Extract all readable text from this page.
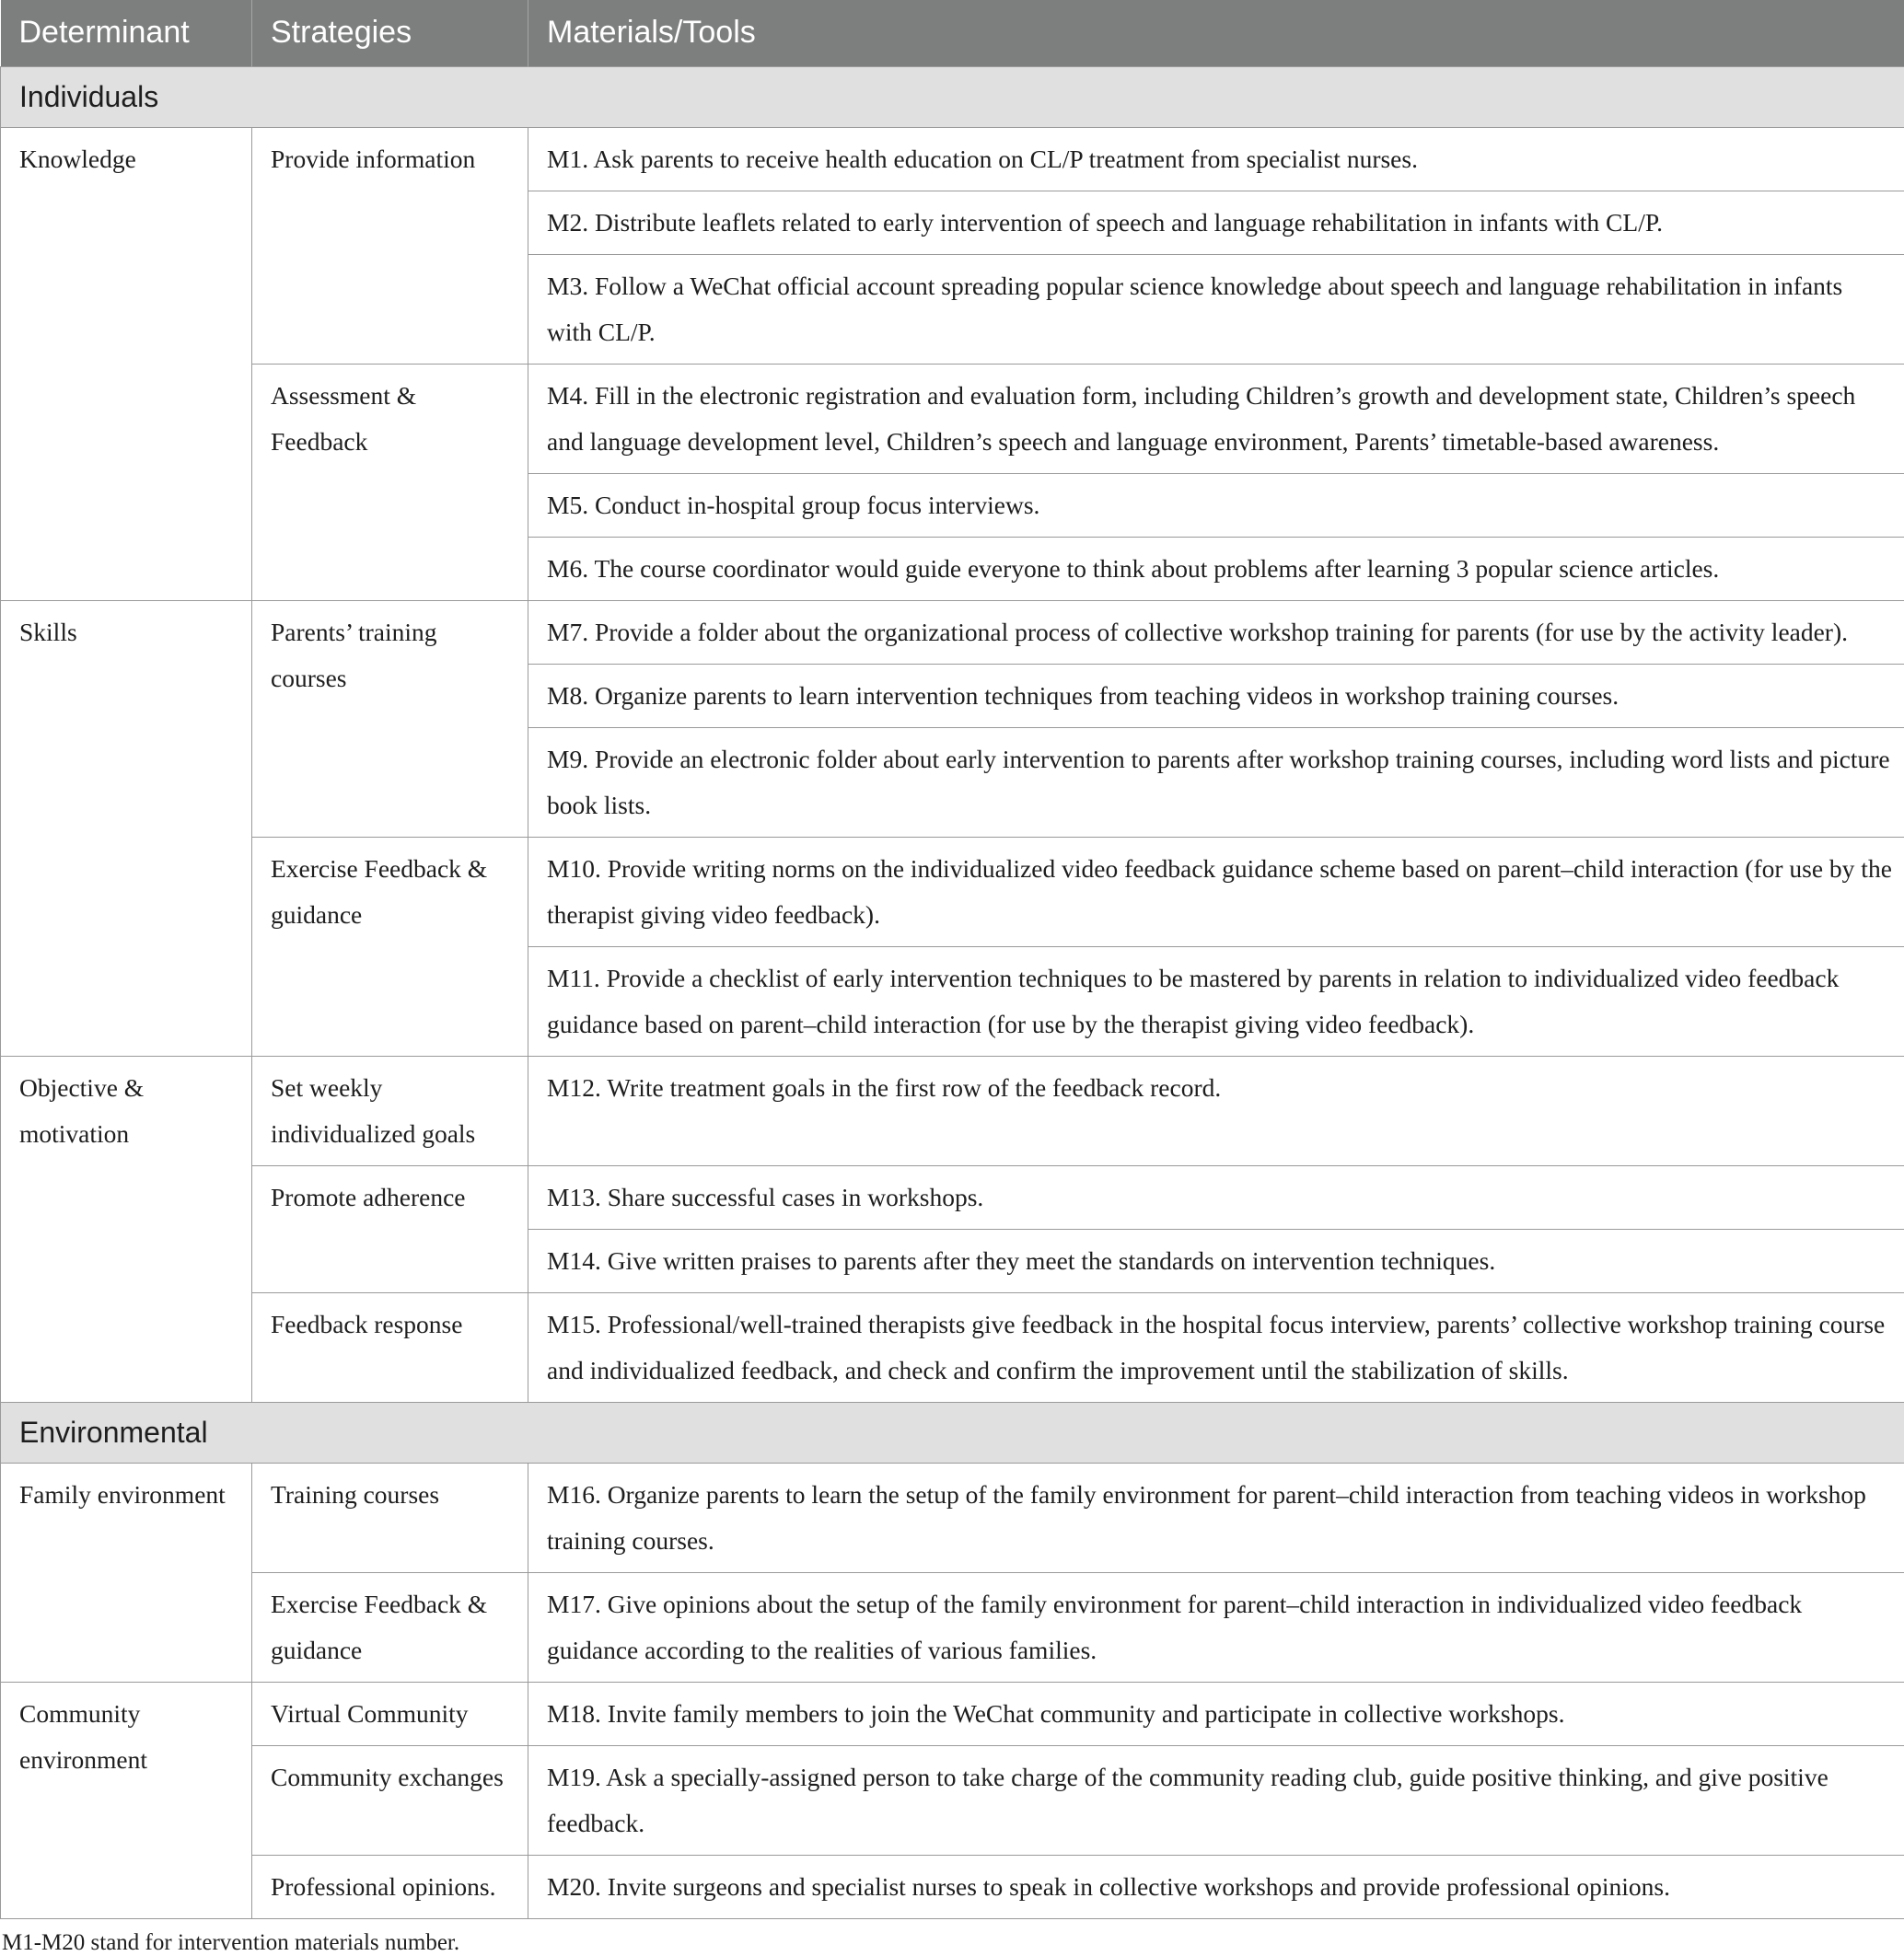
Determinant	Strategies	Materials/Tools
Individuals		
Knowledge	Provide information	M1. Ask parents to receive health education on CL/P treatment from specialist nurses.
		M2. Distribute leaflets related to early intervention of speech and language rehabilitation in infants with CL/P.
		M3. Follow a WeChat official account spreading popular science knowledge about speech and language rehabilitation in infants with CL/P.
	Assessment & Feedback	M4. Fill in the electronic registration and evaluation form, including Children’s growth and development state, Children’s speech and language development level, Children’s speech and language environment, Parents’ timetable-based awareness.
		M5. Conduct in-hospital group focus interviews.
		M6. The course coordinator would guide everyone to think about problems after learning 3 popular science articles.
Skills	Parents’ training courses	M7. Provide a folder about the organizational process of collective workshop training for parents (for use by the activity leader).
		M8. Organize parents to learn intervention techniques from teaching videos in workshop training courses.
		M9. Provide an electronic folder about early intervention to parents after workshop training courses, including word lists and picture book lists.
	Exercise Feedback & guidance	M10. Provide writing norms on the individualized video feedback guidance scheme based on parent–child interaction (for use by the therapist giving video feedback).
		M11. Provide a checklist of early intervention techniques to be mastered by parents in relation to individualized video feedback guidance based on parent–child interaction (for use by the therapist giving video feedback).
Objective & motivation	Set weekly individualized goals	M12. Write treatment goals in the first row of the feedback record.
	Promote adherence	M13. Share successful cases in workshops.
		M14. Give written praises to parents after they meet the standards on intervention techniques.
	Feedback response	M15. Professional/well-trained therapists give feedback in the hospital focus interview, parents’ collective workshop training course and individualized feedback, and check and confirm the improvement until the stabilization of skills.
Environmental		
Family environment	Training courses	M16. Organize parents to learn the setup of the family environment for parent–child interaction from teaching videos in workshop training courses.
	Exercise Feedback & guidance	M17. Give opinions about the setup of the family environment for parent–child interaction in individualized video feedback guidance according to the realities of various families.
Community environment	Virtual Community	M18. Invite family members to join the WeChat community and participate in collective workshops.
	Community exchanges	M19. Ask a specially-assigned person to take charge of the community reading club, guide positive thinking, and give positive feedback.
	Professional opinions.	M20. Invite surgeons and specialist nurses to speak in collective workshops and provide professional opinions.
M1-M20 stand for intervention materials number.
